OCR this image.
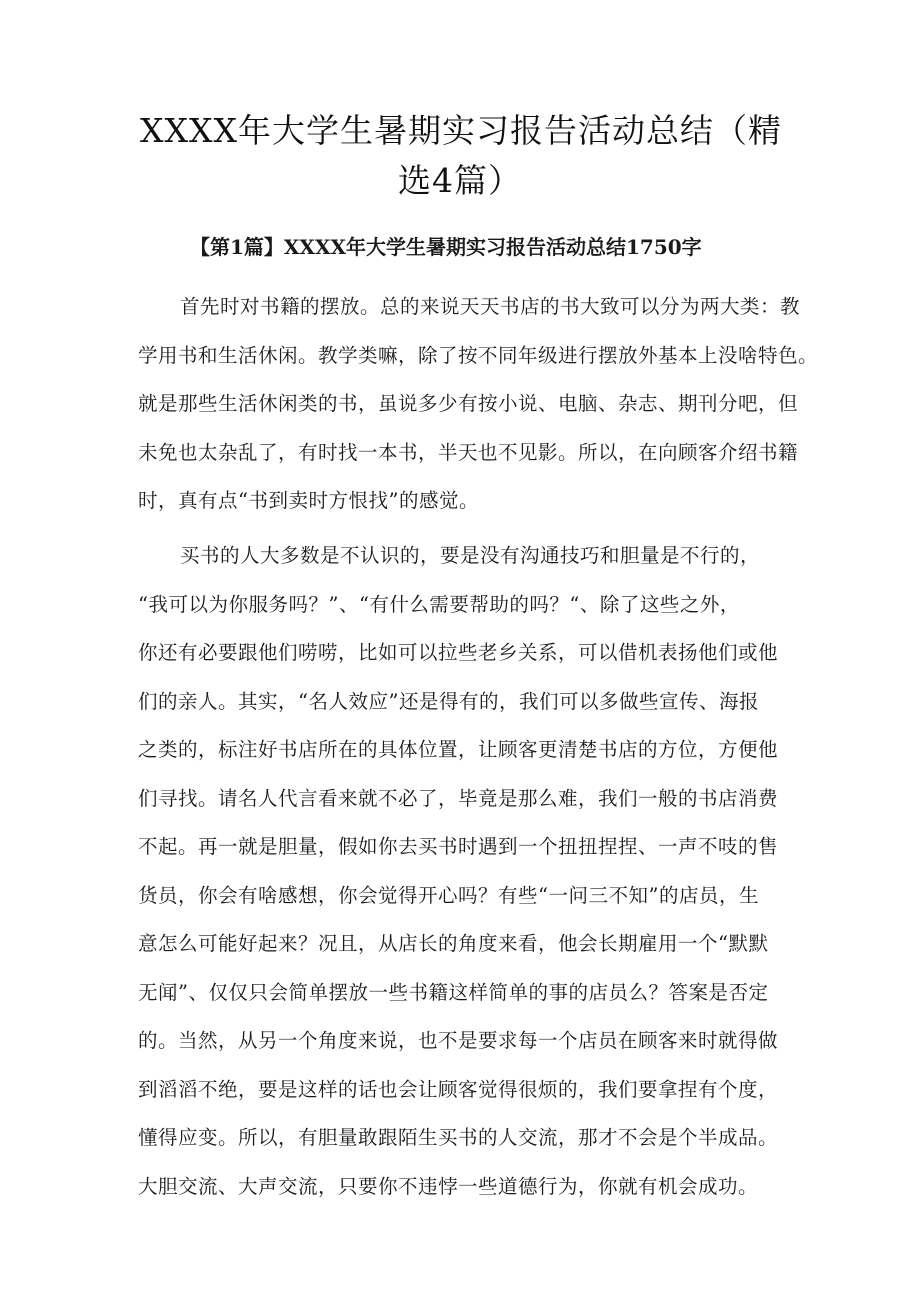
XXXX年大学生暑期实习报告活动总结（精
选4篇）
【第1篇】XXXX年大学生暑期实习报告活动总结1750字

首先时对书籍的摆放。总的来说天天书店的书大致可以分为两大类：教
学用书和生活休闲。教学类嘛，除了按不同年级进行摆放外基本上没啥特色。
就是那些生活休闲类的书，虽说多少有按小说、电脑、杂志、期刊分吧，但
未免也太杂乱了，有时找一本书，半天也不见影。所以，在向顾客介绍书籍
时，真有点“书到卖时方恨找”的感觉。

买书的人大多数是不认识的，要是没有沟通技巧和胆量是不行的，
“我可以为你服务吗？”、“有什么需要帮助的吗？“、除了这些之外，
你还有必要跟他们唠唠，比如可以拉些老乡关系，可以借机表扬他们或他
们的亲人。其实，“名人效应”还是得有的，我们可以多做些宣传、海报
之类的，标注好书店所在的具体位置，让顾客更清楚书店的方位，方便他
们寻找。请名人代言看来就不必了，毕竟是那么难，我们一般的书店消费
不起。再一就是胆量，假如你去买书时遇到一个扭扭捏捏、一声不吱的售
货员，你会有啥感想，你会觉得开心吗？有些“一问三不知”的店员，生
意怎么可能好起来？况且，从店长的角度来看，他会长期雇用一个“默默
无闻”、仅仅只会简单摆放一些书籍这样简单的事的店员么？答案是否定
的。当然，从另一个角度来说，也不是要求每一个店员在顾客来时就得做
到滔滔不绝，要是这样的话也会让顾客觉得很烦的，我们要拿捏有个度，
懂得应变。所以，有胆量敢跟陌生买书的人交流，那才不会是个半成品。
大胆交流、大声交流，只要你不违悖一些道德行为，你就有机会成功。
